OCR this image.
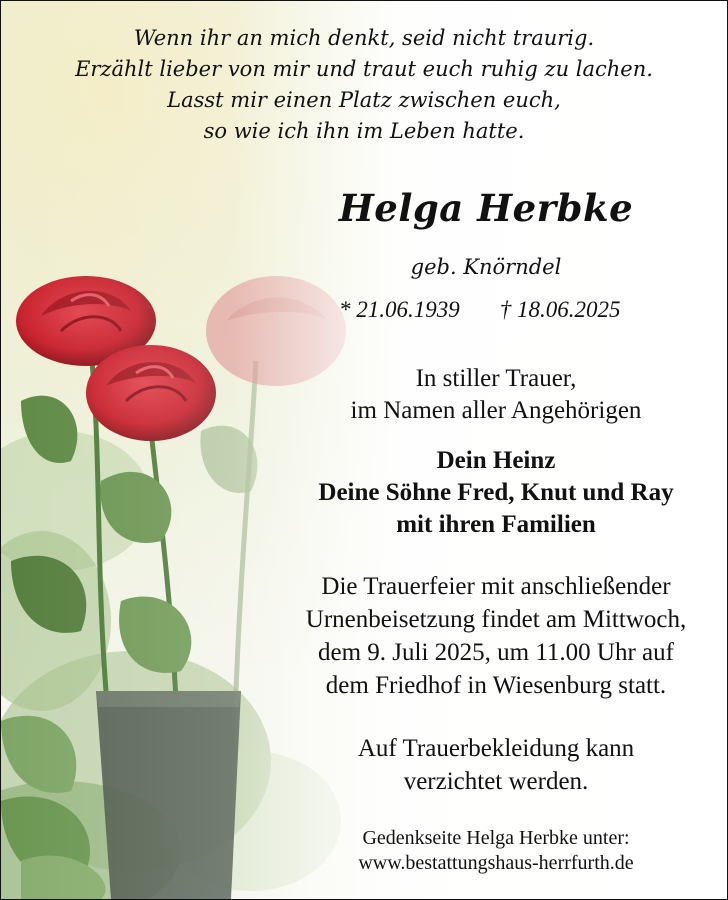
Wenn ihr an mich denkt, seid nicht traurig.
Erzählt lieber von mir und traut euch ruhig zu lachen.
Lasst mir einen Platz zwischen euch,
so wie ich ihn im Leben hatte.
Helga Herbke
geb. Knörndel
* 21.06.1939 † 18.06.2025
In stiller Trauer,
im Namen aller Angehörigen
Dein Heinz
Deine Söhne Fred, Knut und Ray
mit ihren Familien
Die Trauerfeier mit anschließender
Urnenbeisetzung findet am Mittwoch,
dem 9. Juli 2025, um 11.00 Uhr auf
dem Friedhof in Wiesenburg statt.
Auf Trauerbekleidung kann
verzichtet werden.
Gedenkseite Helga Herbke unter:
www.bestattungshaus-herrfurth.de
